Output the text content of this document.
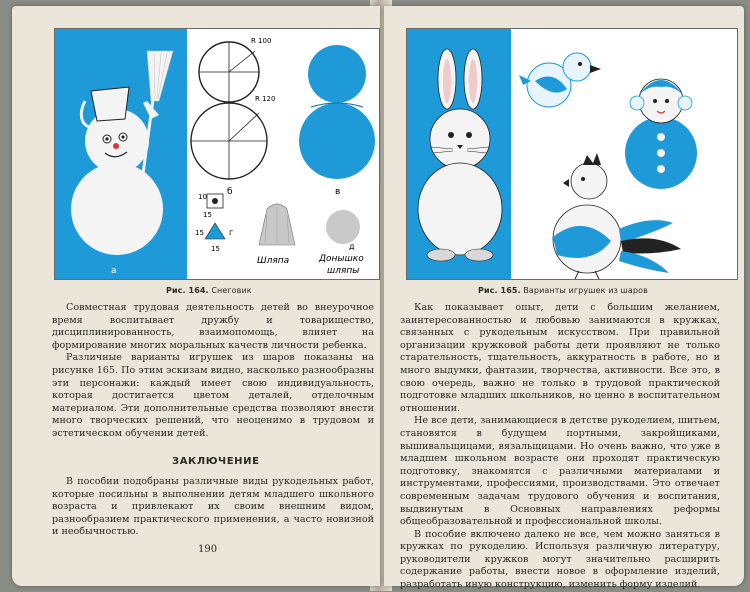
а
R 100
R 120
б	в
10
15
15
15
г
Шляпа
д
Донышко
шляпы
Рис. 164. Снеговик

Совместная трудовая деятельность детей во внеурочное время воспитывает дружбу и товарищество, дисциплинированность, взаимопомощь, влияет на формирование многих моральных качеств личности ребенка.

Различные варианты игрушек из шаров показаны на рисунке 165. По этим эскизам видно, насколько разнообразны эти персонажи: каждый имеет свою индивидуальность, которая достигается цветом деталей, отделочным материалом. Эти дополнительные средства позволяют внести много творческих решений, что неоценимо в трудовом и эстетическом обучении детей.

ЗАКЛЮЧЕНИЕ

В пособии подобраны различные виды рукодельных работ, которые посильны в выполнении детям младшего школьного возраста и привлекают их своим внешним видом, разнообразием практического применения, а часто новизной и необычностью.

190
Рис. 165. Варианты игрушек из шаров

Как показывает опыт, дети с большим желанием, заинтересованностью и любовью занимаются в кружках, связанных с рукодельным искусством. При правильной организации кружковой работы дети проявляют не только старательность, тщательность, аккуратность в работе, но и много выдумки, фантазии, творчества, активности. Все это, в свою очередь, важно не только в трудовой практической подготовке младших школьников, но ценно в воспитательном отношении.

Не все дети, занимающиеся в детстве рукоделием, шитьем, становятся в будущем портными, закройщиками, вышивальщицами, вязальщицами. Но очень важно, что уже в младшем школьном возрасте они проходят практическую подготовку, знакомятся с различными материалами и инструментами, профессиями, производствами. Это отвечает современным задачам трудового обучения и воспитания, выдвинутым в Основных направлениях реформы общеобразовательной и профессиональной школы.

В пособие включено далеко не все, чем можно заняться в кружках по рукоделию. Используя различную литературу, руководители кружков могут значительно расширить содержание работы, внести новое в оформление изделий, разработать иную конструкцию, изменить форму изделий.
